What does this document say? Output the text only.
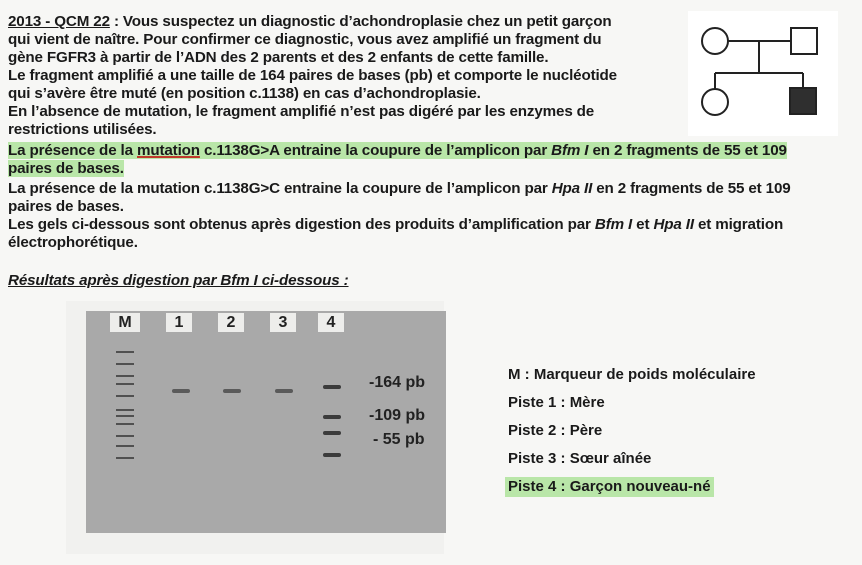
2013 - QCM 22 : Vous suspectez un diagnostic d’achondroplasie chez un petit garçon
qui vient de naître. Pour confirmer ce diagnostic, vous avez amplifié un fragment du
gène FGFR3 à partir de l’ADN des 2 parents et des 2 enfants de cette famille.
Le fragment amplifié a une taille de 164 paires de bases (pb) et comporte le nucléotide
qui s’avère être muté (en position c.1138) en cas d’achondroplasie.
En l’absence de mutation, le fragment amplifié n’est pas digéré par les enzymes de
restrictions utilisées.
La présence de la mutation c.1138G>A entraine la coupure de l’amplicon par Bfm I en 2 fragments de 55 et 109
paires de bases.
La présence de la mutation c.1138G>C entraine la coupure de l’amplicon par Hpa II en 2 fragments de 55 et 109
paires de bases.
Les gels ci-dessous sont obtenus après digestion des produits d’amplification par Bfm I et Hpa II et migration
électrophorétique.
Résultats après digestion par Bfm I ci-dessous :
M	1	2	3	4
-164 pb
-109 pb
- 55 pb
M : Marqueur de poids moléculaire
Piste 1 : Mère
Piste 2 : Père
Piste 3 : Sœur aînée
Piste 4 : Garçon nouveau-né
